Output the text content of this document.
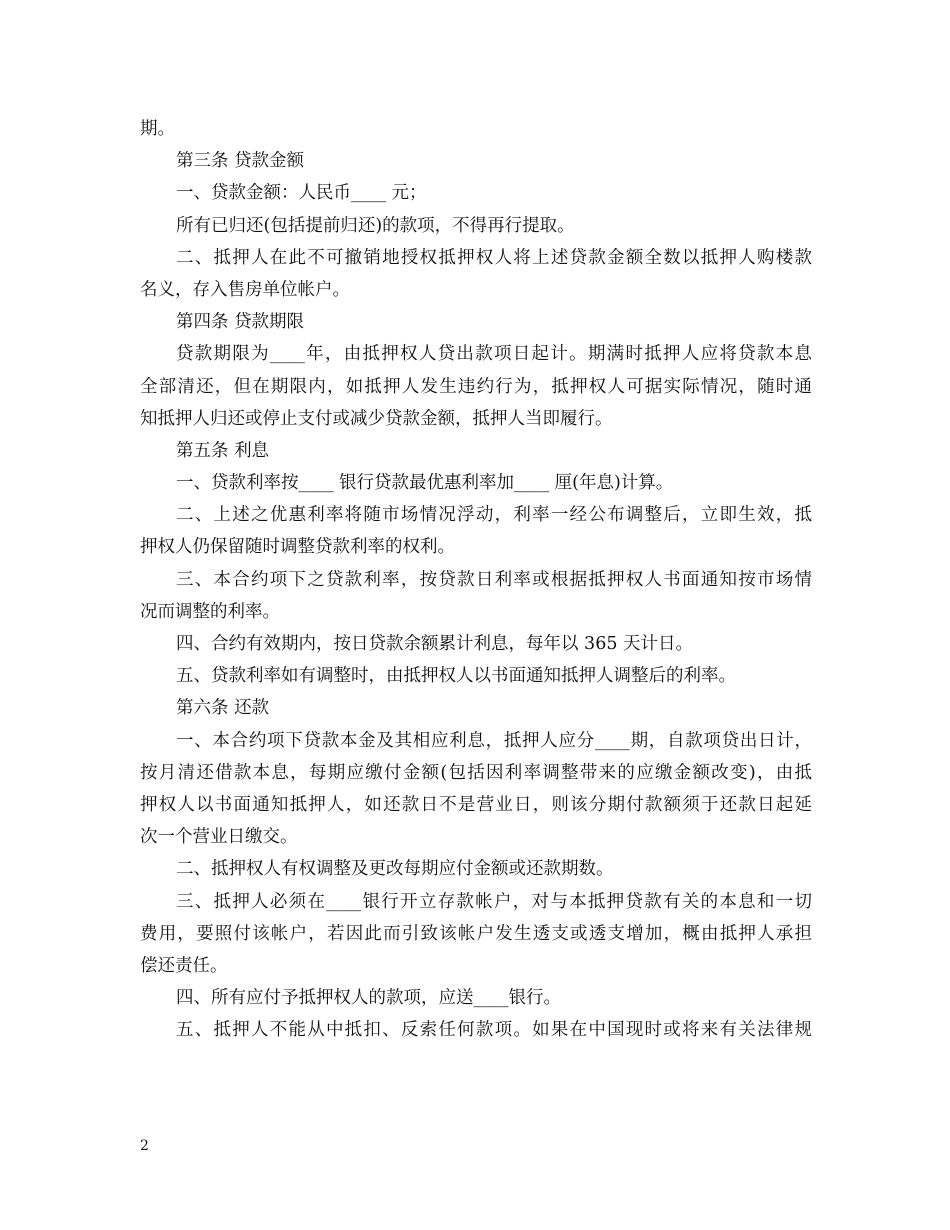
期。
第三条 贷款金额
一、贷款金额：人民币____ 元；
所有已归还(包括提前归还)的款项，不得再行提取。
二、抵押人在此不可撤销地授权抵押权人将上述贷款金额全数以抵押人购楼款
名义，存入售房单位帐户。
第四条 贷款期限
贷款期限为____年，由抵押权人贷出款项日起计。期满时抵押人应将贷款本息
全部清还，但在期限内，如抵押人发生违约行为，抵押权人可据实际情况，随时通
知抵押人归还或停止支付或减少贷款金额，抵押人当即履行。
第五条 利息
一、贷款利率按____ 银行贷款最优惠利率加____ 厘(年息)计算。
二、上述之优惠利率将随市场情况浮动，利率一经公布调整后，立即生效，抵
押权人仍保留随时调整贷款利率的权利。
三、本合约项下之贷款利率，按贷款日利率或根据抵押权人书面通知按市场情
况而调整的利率。
四、合约有效期内，按日贷款余额累计利息，每年以 365 天计日。
五、贷款利率如有调整时，由抵押权人以书面通知抵押人调整后的利率。
第六条 还款
一、本合约项下贷款本金及其相应利息，抵押人应分____期，自款项贷出日计，
按月清还借款本息，每期应缴付金额(包括因利率调整带来的应缴金额改变)，由抵
押权人以书面通知抵押人，如还款日不是营业日，则该分期付款额须于还款日起延
次一个营业日缴交。
二、抵押权人有权调整及更改每期应付金额或还款期数。
三、抵押人必须在____银行开立存款帐户，对与本抵押贷款有关的本息和一切
费用，要照付该帐户，若因此而引致该帐户发生透支或透支增加，概由抵押人承担
偿还责任。
四、所有应付予抵押权人的款项，应送____银行。
五、抵押人不能从中抵扣、反索任何款项。如果在中国现时或将来有关法律规
2
